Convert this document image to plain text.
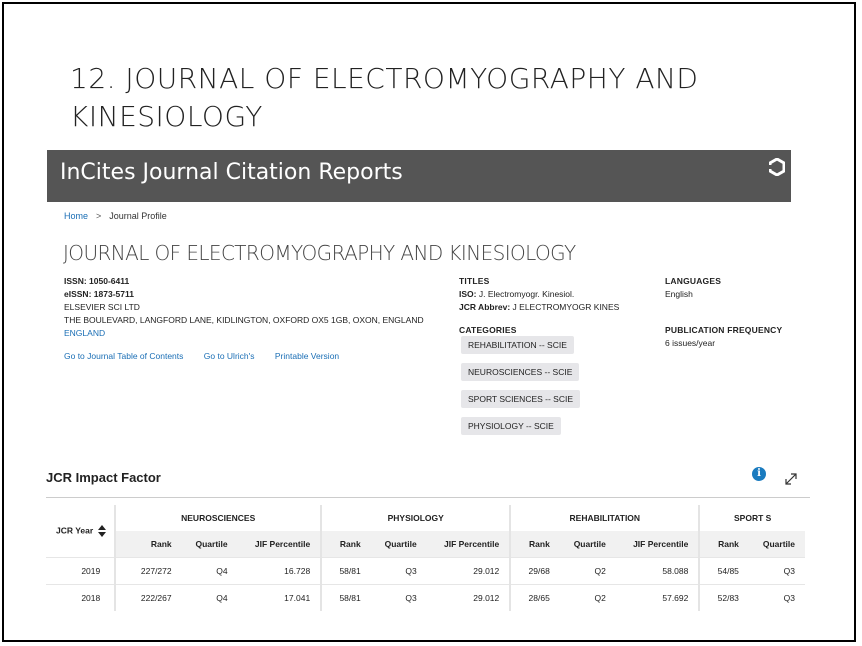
12. JOURNAL OF ELECTROMYOGRAPHY AND
KINESIOLOGY
InCites Journal Citation Reports
Home > Journal Profile
JOURNAL OF ELECTROMYOGRAPHY AND KINESIOLOGY
ISSN: 1050-6411
eISSN: 1873-5711
ELSEVIER SCI LTD
THE BOULEVARD, LANGFORD LANE, KIDLINGTON, OXFORD OX5 1GB, OXON, ENGLAND
ENGLAND
Go to Journal Table of Contents Go to Ulrich's Printable Version
TITLES
ISO: J. Electromyogr. Kinesiol.
JCR Abbrev: J ELECTROMYOGR KINES
CATEGORIES
REHABILITATION -- SCIE
NEUROSCIENCES -- SCIE
SPORT SCIENCES -- SCIE
PHYSIOLOGY -- SCIE
LANGUAGES
English
PUBLICATION FREQUENCY
6 issues/year
JCR Impact Factor	i
JCR Year	NEUROSCIENCES			PHYSIOLOGY			REHABILITATION			SPORT S	
	Rank	Quartile	JIF Percentile	Rank	Quartile	JIF Percentile	Rank	Quartile	JIF Percentile	Rank	Quartile
2019	227/272	Q4	16.728	58/81	Q3	29.012	29/68	Q2	58.088	54/85	Q3
2018	222/267	Q4	17.041	58/81	Q3	29.012	28/65	Q2	57.692	52/83	Q3
